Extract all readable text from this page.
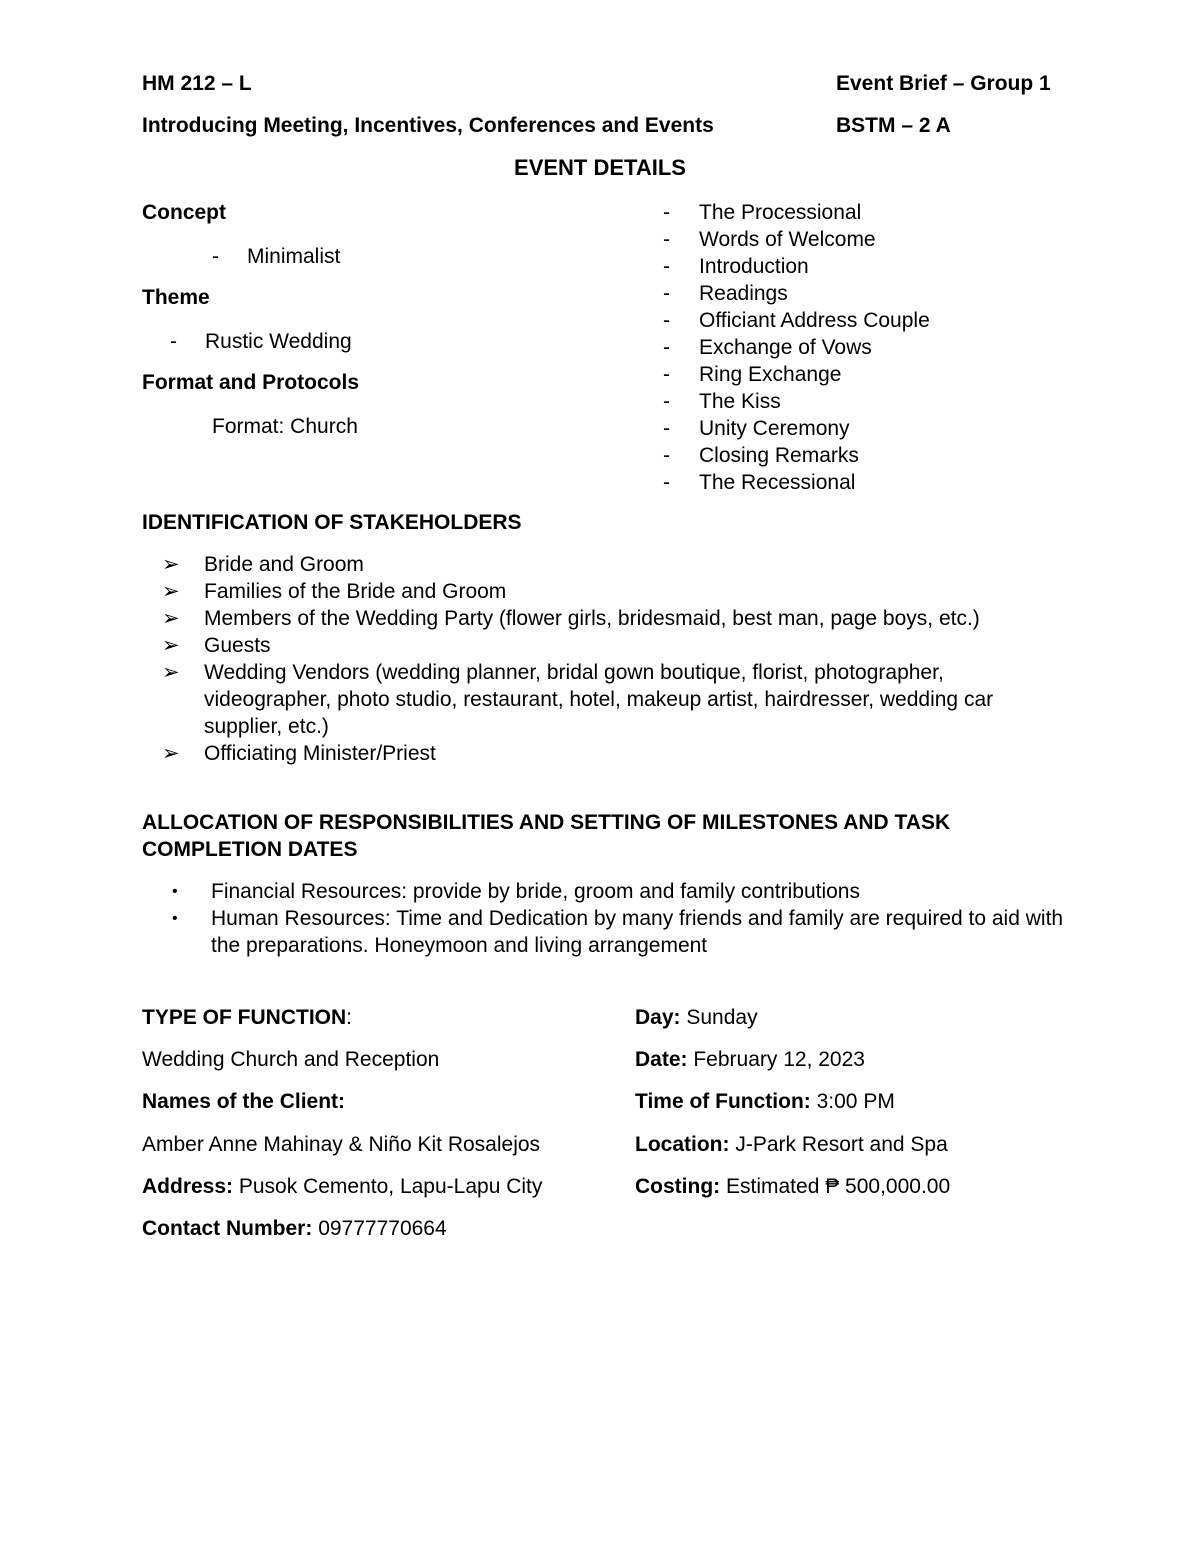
HM 212 – L	Event Brief – Group 1
Introducing Meeting, Incentives, Conferences and Events	BSTM – 2 A
EVENT DETAILS
Concept
- Minimalist
Theme
- Rustic Wedding
Format and Protocols
Format: Church
- The Processional
- Words of Welcome
- Introduction
- Readings
- Officiant Address Couple
- Exchange of Vows
- Ring Exchange
- The Kiss
- Unity Ceremony
- Closing Remarks
- The Recessional
IDENTIFICATION OF STAKEHOLDERS
➢ Bride and Groom
➢ Families of the Bride and Groom
➢ Members of the Wedding Party (flower girls, bridesmaid, best man, page boys, etc.)
➢ Guests
➢ Wedding Vendors (wedding planner, bridal gown boutique, florist, photographer, videographer, photo studio, restaurant, hotel, makeup artist, hairdresser, wedding car supplier, etc.)
➢ Officiating Minister/Priest
ALLOCATION OF RESPONSIBILITIES AND SETTING OF MILESTONES AND TASK
COMPLETION DATES
• Financial Resources: provide by bride, groom and family contributions
• Human Resources: Time and Dedication by many friends and family are required to aid with the preparations. Honeymoon and living arrangement
TYPE OF FUNCTION:
Wedding Church and Reception
Names of the Client:
Amber Anne Mahinay & Niño Kit Rosalejos
Address: Pusok Cemento, Lapu-Lapu City
Contact Number: 09777770664
Day: Sunday
Date: February 12, 2023
Time of Function: 3:00 PM
Location: J-Park Resort and Spa
Costing: Estimated ₱ 500,000.00
